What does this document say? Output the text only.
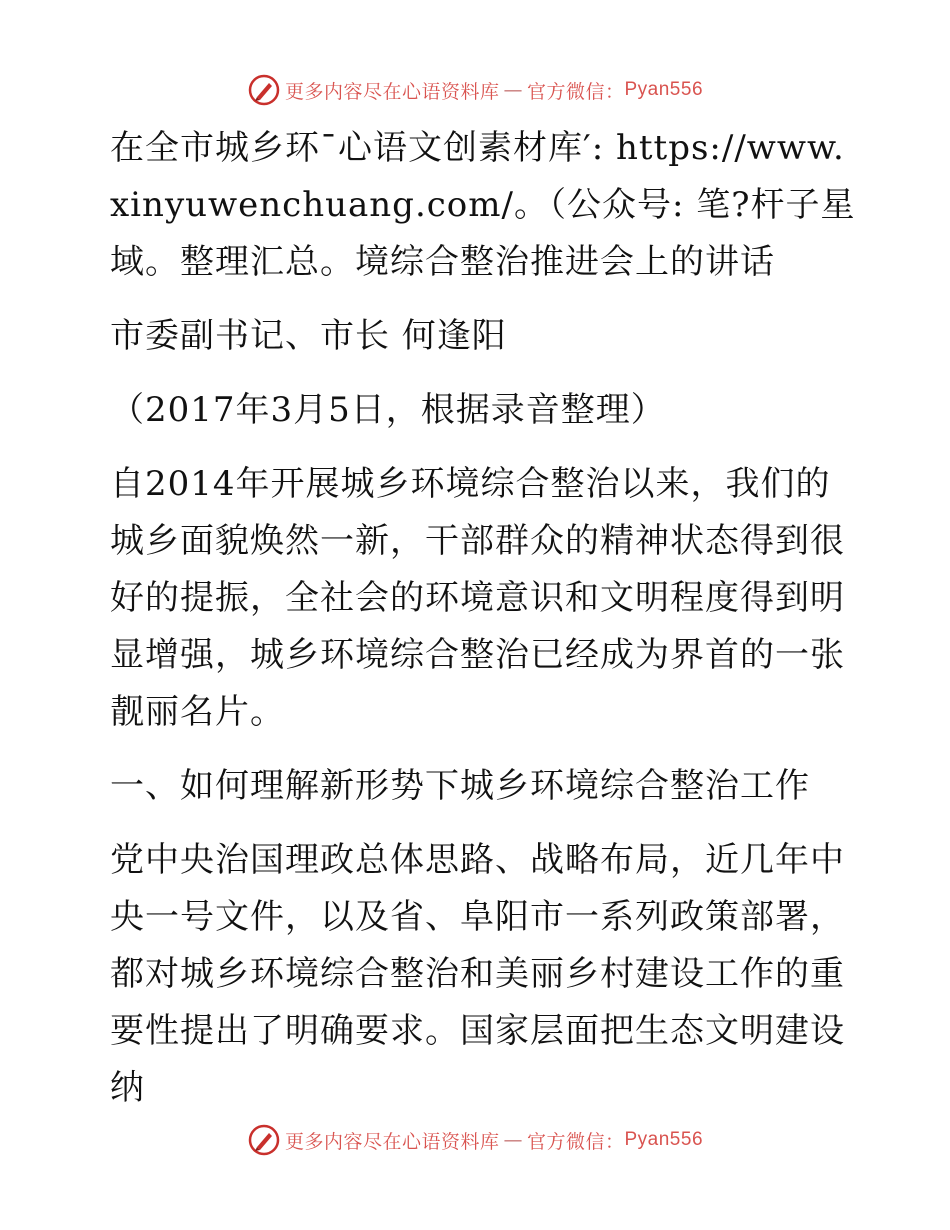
更多内容尽在心语资料库 — 官方微信： Pyan556

在全市城乡环¯心语文创素材库′: https://www.xinyuwenchuang.com/。（公众号: 笔?杆子星域。整理汇总。境综合整治推进会上的讲话

市委副书记、市长 何逢阳

（2017年3月5日，根据录音整理）

自2014年开展城乡环境综合整治以来，我们的城乡面貌焕然一新，干部群众的精神状态得到很好的提振，全社会的环境意识和文明程度得到明显增强，城乡环境综合整治已经成为界首的一张靓丽名片。

一、如何理解新形势下城乡环境综合整治工作

党中央治国理政总体思路、战略布局，近几年中央一号文件，以及省、阜阳市一系列政策部署，都对城乡环境综合整治和美丽乡村建设工作的重要性提出了明确要求。国家层面把生态文明建设纳

更多内容尽在心语资料库 — 官方微信： Pyan556
